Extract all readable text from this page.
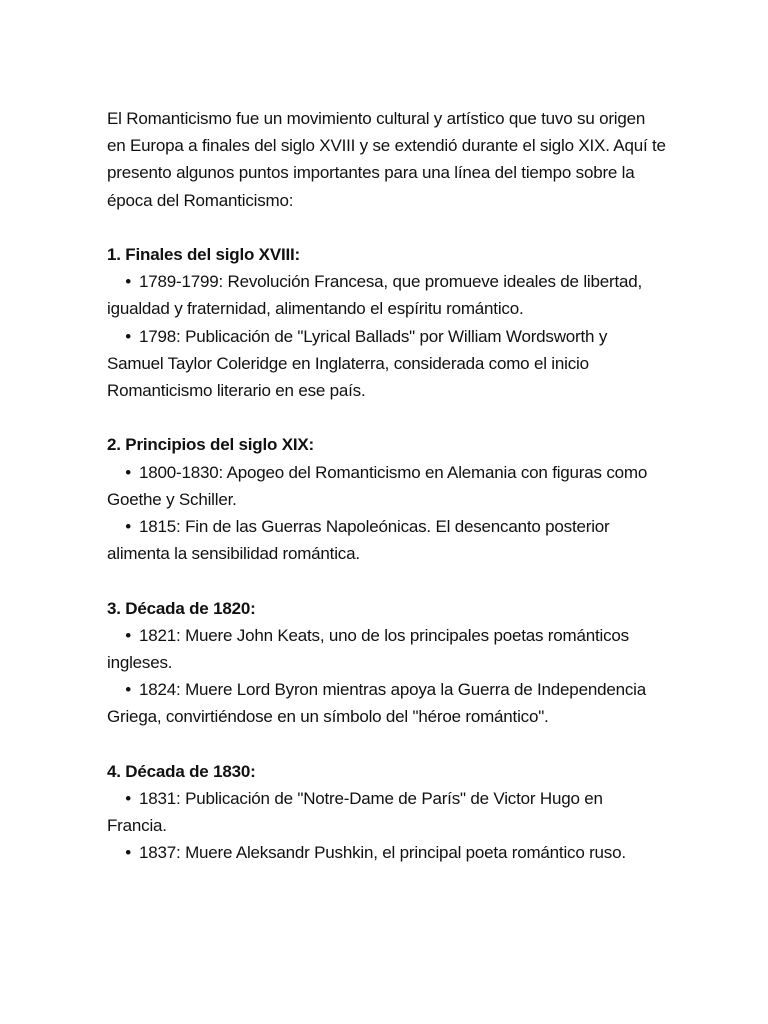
El Romanticismo fue un movimiento cultural y artístico que tuvo su origen en Europa a finales del siglo XVIII y se extendió durante el siglo XIX. Aquí te presento algunos puntos importantes para una línea del tiempo sobre la época del Romanticismo:

1. Finales del siglo XVIII:

• 1789-1799: Revolución Francesa, que promueve ideales de libertad, igualdad y fraternidad, alimentando el espíritu romántico.

• 1798: Publicación de "Lyrical Ballads" por William Wordsworth y Samuel Taylor Coleridge en Inglaterra, considerada como el inicio Romanticismo literario en ese país.

2. Principios del siglo XIX:

• 1800-1830: Apogeo del Romanticismo en Alemania con figuras como Goethe y Schiller.

• 1815: Fin de las Guerras Napoleónicas. El desencanto posterior alimenta la sensibilidad romántica.

3. Década de 1820:

• 1821: Muere John Keats, uno de los principales poetas románticos ingleses.

• 1824: Muere Lord Byron mientras apoya la Guerra de Independencia Griega, convirtiéndose en un símbolo del "héroe romántico".

4. Década de 1830:

• 1831: Publicación de "Notre-Dame de París" de Victor Hugo en Francia.

• 1837: Muere Aleksandr Pushkin, el principal poeta romántico ruso.
